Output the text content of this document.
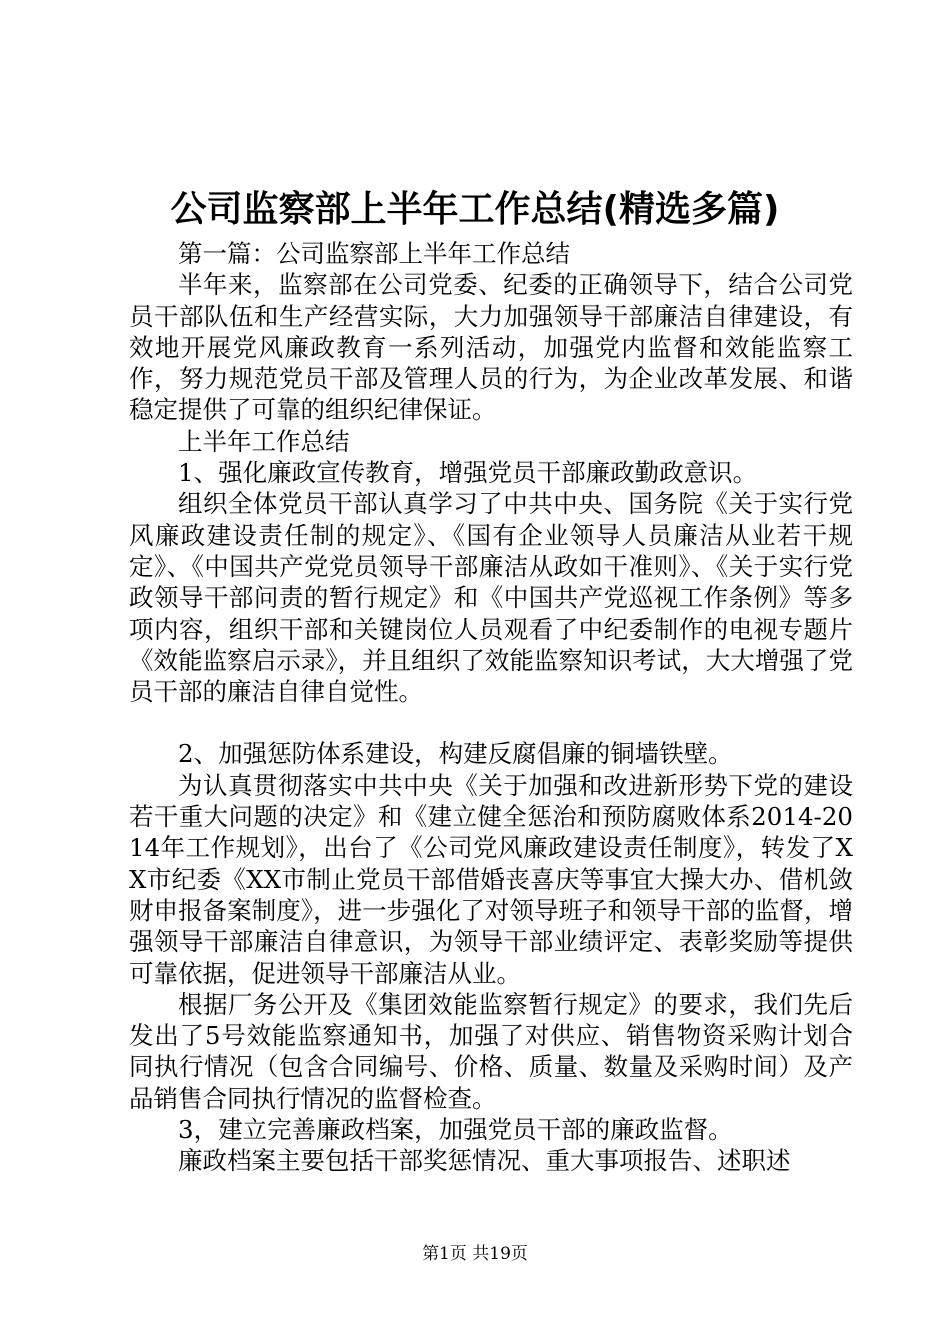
公司监察部上半年工作总结(精选多篇)

第一篇：公司监察部上半年工作总结

半年来，监察部在公司党委、纪委的正确领导下，结合公司党员干部队伍和生产经营实际，大力加强领导干部廉洁自律建设，有效地开展党风廉政教育一系列活动，加强党内监督和效能监察工作，努力规范党员干部及管理人员的行为，为企业改革发展、和谐稳定提供了可靠的组织纪律保证。

上半年工作总结

1、强化廉政宣传教育，增强党员干部廉政勤政意识。

组织全体党员干部认真学习了中共中央、国务院《关于实行党风廉政建设责任制的规定》、《国有企业领导人员廉洁从业若干规定》、《中国共产党党员领导干部廉洁从政如干准则》、《关于实行党政领导干部问责的暂行规定》和《中国共产党巡视工作条例》等多项内容，组织干部和关键岗位人员观看了中纪委制作的电视专题片《效能监察启示录》，并且组织了效能监察知识考试，大大增强了党员干部的廉洁自律自觉性。

2、加强惩防体系建设，构建反腐倡廉的铜墙铁壁。

为认真贯彻落实中共中央《关于加强和改进新形势下党的建设若干重大问题的决定》和《建立健全惩治和预防腐败体系2014-2014年工作规划》，出台了《公司党风廉政建设责任制度》，转发了XX市纪委《XX市制止党员干部借婚丧喜庆等事宜大操大办、借机敛财申报备案制度》，进一步强化了对领导班子和领导干部的监督，增强领导干部廉洁自律意识，为领导干部业绩评定、表彰奖励等提供可靠依据，促进领导干部廉洁从业。

根据厂务公开及《集团效能监察暂行规定》的要求，我们先后发出了5号效能监察通知书，加强了对供应、销售物资采购计划合同执行情况（包含合同编号、价格、质量、数量及采购时间）及产品销售合同执行情况的监督检查。

3，建立完善廉政档案，加强党员干部的廉政监督。

廉政档案主要包括干部奖惩情况、重大事项报告、述职述

第1页 共19页
